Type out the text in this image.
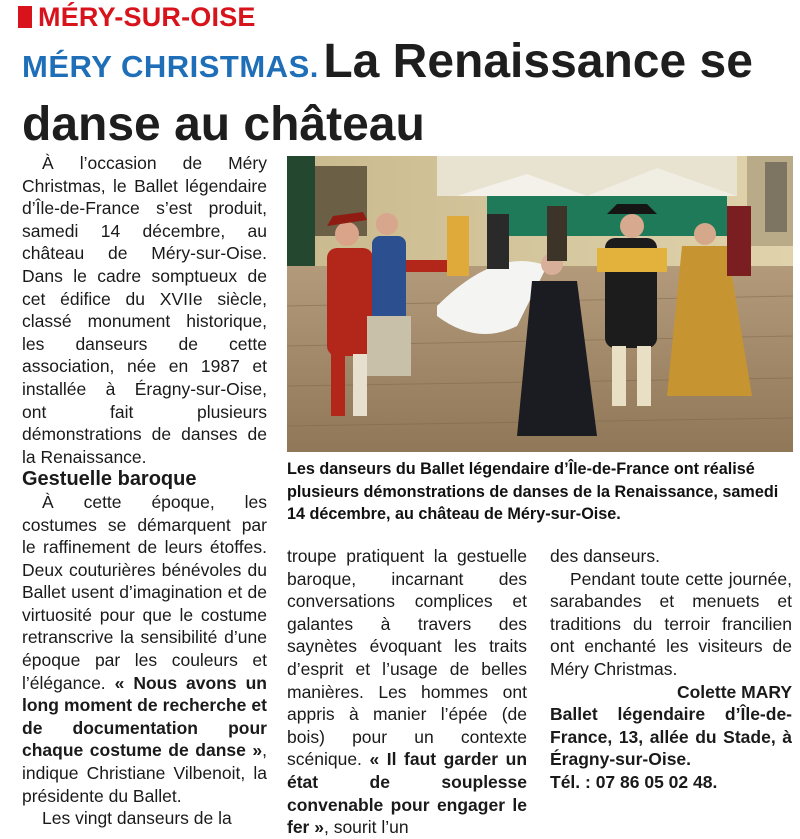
MÉRY-SUR-OISE
MÉRY CHRISTMAS. La Renaissance se danse au château

À l’occasion de Méry Christmas, le Ballet légendaire d’Île-de-France s’est produit, samedi 14 décembre, au château de Méry-sur-Oise. Dans le cadre somptueux de cet édifice du XVIIe siècle, classé monument historique, les danseurs de cette association, née en 1987 et installée à Éragny-sur-Oise, ont fait plusieurs démonstrations de danses de la Renaissance.

Gestuelle baroque

À cette époque, les costumes se démarquent par le raffinement de leurs étoffes. Deux couturières bénévoles du Ballet usent d’imagination et de virtuosité pour que le costume retranscrive la sensibilité d’une époque par les couleurs et l’élégance. « Nous avons un long moment de recherche et de documentation pour chaque costume de danse », indique Christiane Vilbenoit, la présidente du Ballet.

Les vingt danseurs de la

Les danseurs du Ballet légendaire d’Île-de-France ont réalisé plusieurs démonstrations de danses de la Renaissance, samedi 14 décembre, au château de Méry-sur-Oise.

troupe pratiquent la gestuelle baroque, incarnant des conversations complices et galantes à travers des saynètes évoquant les traits d’esprit et l’usage de belles manières. Les hommes ont appris à manier l’épée (de bois) pour un contexte scénique. « Il faut garder un état de souplesse convenable pour engager le fer », sourit l’un

des danseurs.

Pendant toute cette journée, sarabandes et menuets et traditions du terroir francilien ont enchanté les visiteurs de Méry Christmas.

Colette MARY

Ballet légendaire d’Île-de-France, 13, allée du Stade, à Éragny-sur-Oise.

Tél. : 07 86 05 02 48.
